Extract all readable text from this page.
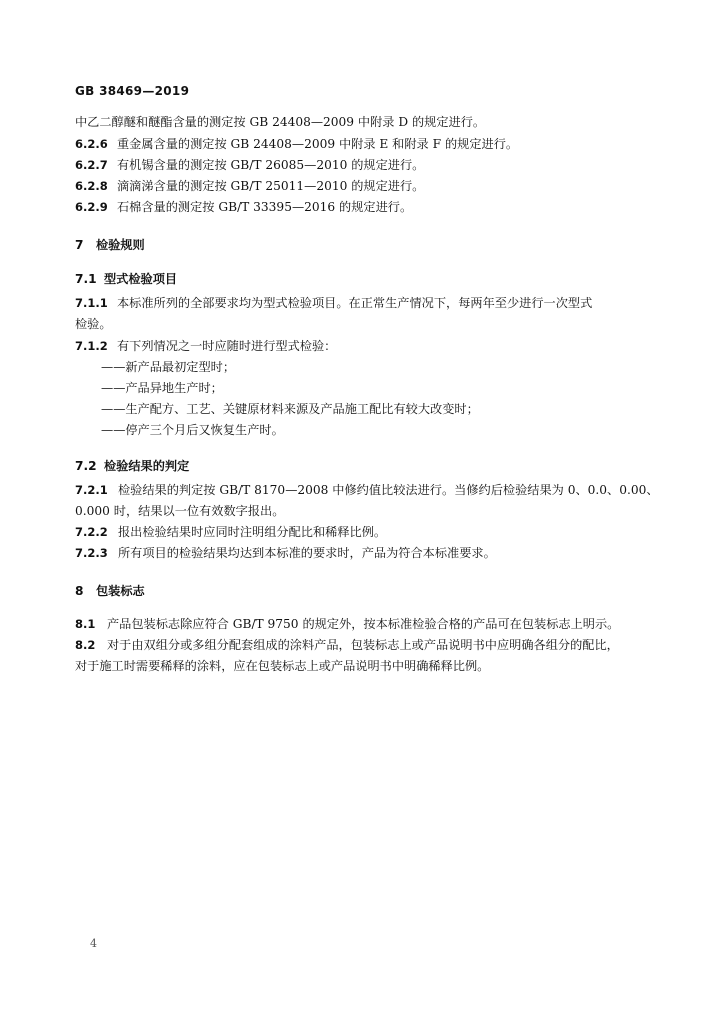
GB 38469—2019
中乙二醇醚和醚酯含量的测定按 GB 24408—2009 中附录 D 的规定进行。
6.2.6 重金属含量的测定按 GB 24408—2009 中附录 E 和附录 F 的规定进行。
6.2.7 有机锡含量的测定按 GB/T 26085—2010 的规定进行。
6.2.8 滴滴涕含量的测定按 GB/T 25011—2010 的规定进行。
6.2.9 石棉含量的测定按 GB/T 33395—2016 的规定进行。
7 检验规则
7.1 型式检验项目
7.1.1 本标准所列的全部要求均为型式检验项目。在正常生产情况下，每两年至少进行一次型式
检验。
7.1.2 有下列情况之一时应随时进行型式检验：
——新产品最初定型时；
——产品异地生产时；
——生产配方、工艺、关键原材料来源及产品施工配比有较大改变时；
——停产三个月后又恢复生产时。
7.2 检验结果的判定
7.2.1 检验结果的判定按 GB/T 8170—2008 中修约值比较法进行。当修约后检验结果为 0、0.0、0.00、
0.000 时，结果以一位有效数字报出。
7.2.2 报出检验结果时应同时注明组分配比和稀释比例。
7.2.3 所有项目的检验结果均达到本标准的要求时，产品为符合本标准要求。
8 包装标志
8.1 产品包装标志除应符合 GB/T 9750 的规定外，按本标准检验合格的产品可在包装标志上明示。
8.2 对于由双组分或多组分配套组成的涂料产品，包装标志上或产品说明书中应明确各组分的配比，
对于施工时需要稀释的涂料，应在包装标志上或产品说明书中明确稀释比例。
4
